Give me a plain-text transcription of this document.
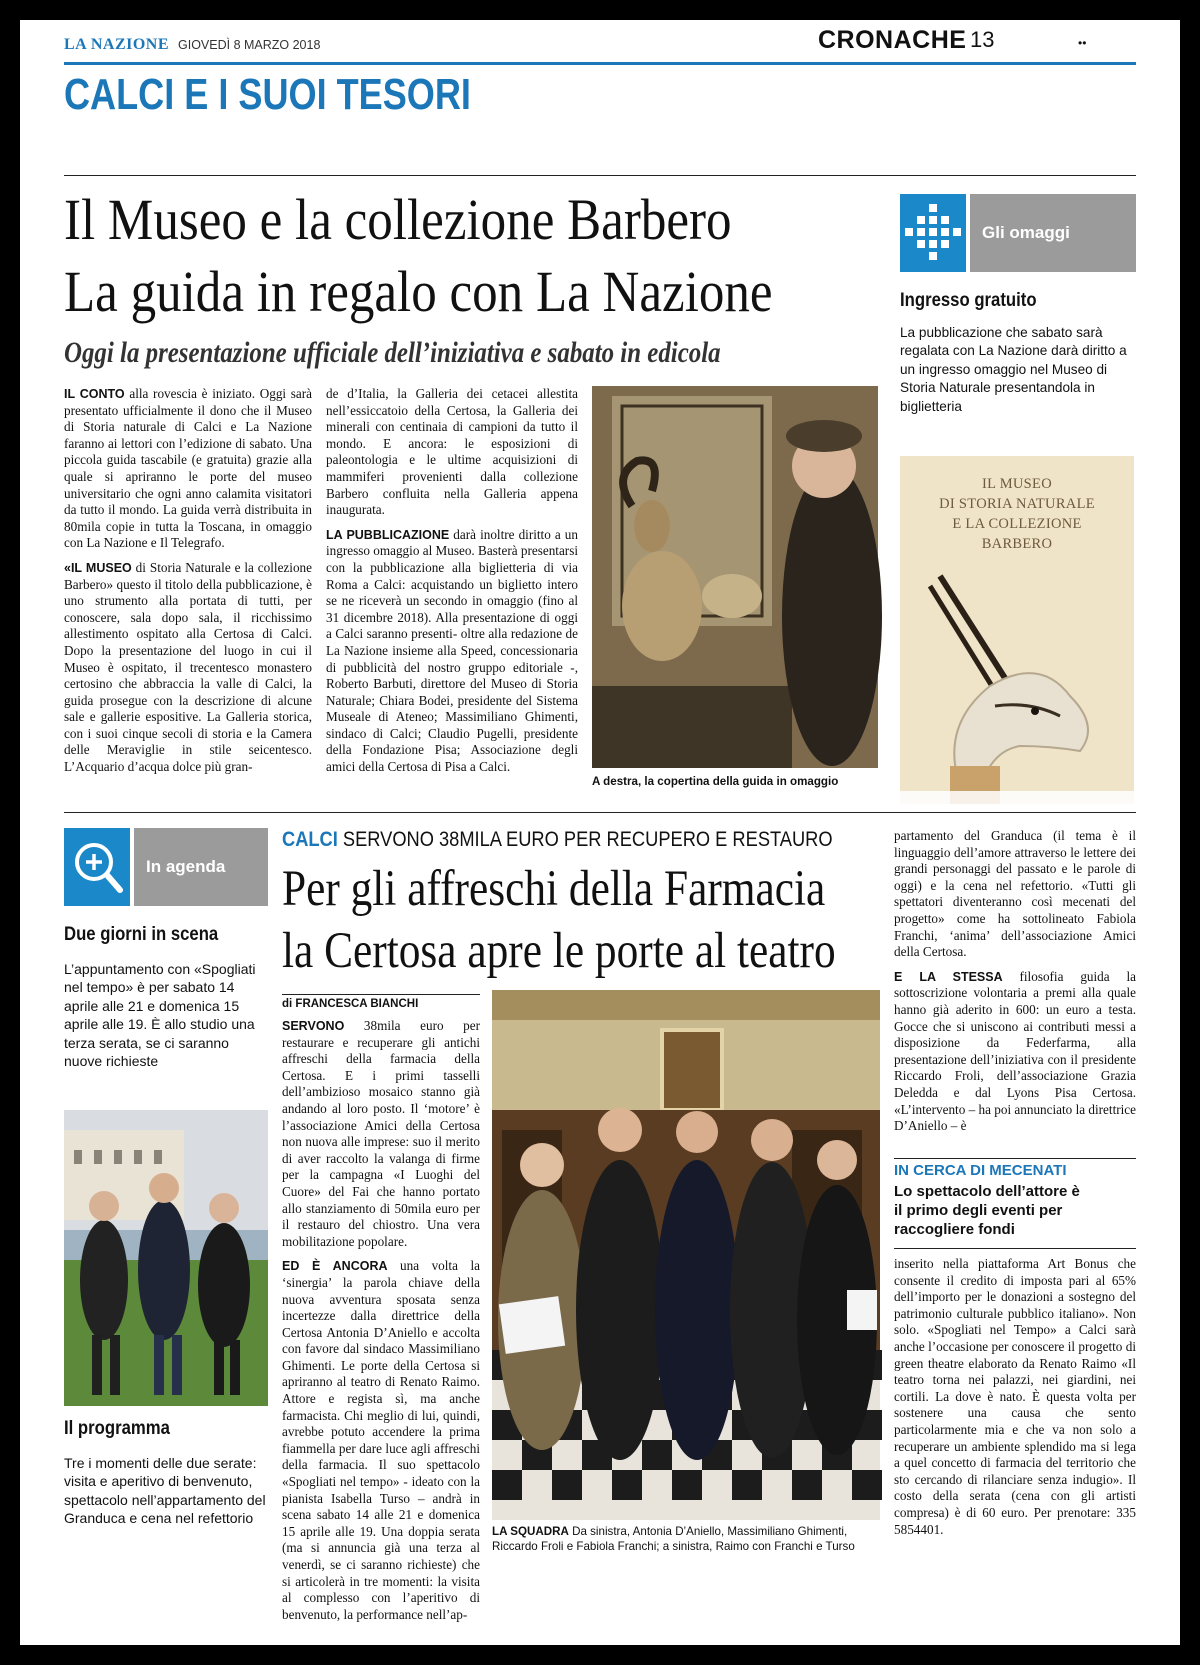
LA NAZIONE GIOVEDÌ 8 MARZO 2018	CRONACHE 13	••
CALCI E I SUOI TESORI
Il Museo e la collezione Barbero
La guida in regalo con La Nazione
Oggi la presentazione ufficiale dell’iniziativa e sabato in edicola

IL CONTO alla rovescia è iniziato. Oggi sarà presentato ufficialmente il dono che il Museo di Storia naturale di Calci e La Nazione faranno ai lettori con l’edizione di sabato. Una piccola guida tascabile (e gratuita) grazie alla quale si apriranno le porte del museo universitario che ogni anno calamita visitatori da tutto il mondo. La guida verrà distribuita in 80mila copie in tutta la Toscana, in omaggio con La Nazione e Il Telegrafo.

«IL MUSEO di Storia Naturale e la collezione Barbero» questo il titolo della pubblicazione, è uno strumento alla portata di tutti, per conoscere, sala dopo sala, il ricchissimo allestimento ospitato alla Certosa di Calci. Dopo la presentazione del luogo in cui il Museo è ospitato, il trecentesco monastero certosino che abbraccia la valle di Calci, la guida prosegue con la descrizione di alcune sale e gallerie espositive. La Galleria storica, con i suoi cinque secoli di storia e la Camera delle Meraviglie in stile seicentesco. L’Acquario d’acqua dolce più gran-

de d’Italia, la Galleria dei cetacei allestita nell’essiccatoio della Certosa, la Galleria dei minerali con centinaia di campioni da tutto il mondo. E ancora: le esposizioni di paleontologia e le ultime acquisizioni di mammiferi provenienti dalla collezione Barbero confluita nella Galleria appena inaugurata.

LA PUBBLICAZIONE darà inoltre diritto a un ingresso omaggio al Museo. Basterà presentarsi con la pubblicazione alla biglietteria di via Roma a Calci: acquistando un biglietto intero se ne riceverà un secondo in omaggio (fino al 31 dicembre 2018). Alla presentazione di oggi a Calci saranno presenti- oltre alla redazione de La Nazione insieme alla Speed, concessionaria di pubblicità del nostro gruppo editoriale -, Roberto Barbuti, direttore del Museo di Storia Naturale; Chiara Bodei, presidente del Sistema Museale di Ateneo; Massimiliano Ghimenti, sindaco di Calci; Claudio Pugelli, presidente della Fondazione Pisa; Associazione degli amici della Certosa di Pisa a Calci.

A destra, la copertina della guida in omaggio
Gli omaggi
Ingresso gratuito
La pubblicazione che sabato sarà regalata con La Nazione darà diritto a un ingresso omaggio nel Museo di Storia Naturale presentandola in biglietteria
IL MUSEO
DI STORIA NATURALE
E LA COLLEZIONE
BARBERO
In agenda
Due giorni in scena
L’appuntamento con «Spogliati nel tempo» è per sabato 14 aprile alle 21 e domenica 15 aprile alle 19. È allo studio una terza serata, se ci saranno nuove richieste
Il programma
Tre i momenti delle due serate: visita e aperitivo di benvenuto, spettacolo nell’appartamento del Granduca e cena nel refettorio
CALCI SERVONO 38MILA EURO PER RECUPERO E RESTAURO
Per gli affreschi della Farmacia
la Certosa apre le porte al teatro
di FRANCESCA BIANCHI

SERVONO 38mila euro per restaurare e recuperare gli antichi affreschi della farmacia della Certosa. E i primi tasselli dell’ambizioso mosaico stanno già andando al loro posto. Il ‘motore’ è l’associazione Amici della Certosa non nuova alle imprese: suo il merito di aver raccolto la valanga di firme per la campagna «I Luoghi del Cuore» del Fai che hanno portato allo stanziamento di 50mila euro per il restauro del chiostro. Una vera mobilitazione popolare.

ED È ANCORA una volta la ‘sinergia’ la parola chiave della nuova avventura sposata senza incertezze dalla direttrice della Certosa Antonia D’Aniello e accolta con favore dal sindaco Massimiliano Ghimenti. Le porte della Certosa si apriranno al teatro di Renato Raimo. Attore e regista sì, ma anche farmacista. Chi meglio di lui, quindi, avrebbe potuto accendere la prima fiammella per dare luce agli affreschi della farmacia. Il suo spettacolo «Spogliati nel tempo» - ideato con la pianista Isabella Turso – andrà in scena sabato 14 alle 21 e domenica 15 aprile alle 19. Una doppia serata (ma si annuncia già una terza al venerdì, se ci saranno richieste) che si articolerà in tre momenti: la visita al complesso con l’aperitivo di benvenuto, la performance nell’ap-

LA SQUADRA Da sinistra, Antonia D’Aniello, Massimiliano Ghimenti, Riccardo Froli e Fabiola Franchi; a sinistra, Raimo con Franchi e Turso

partamento del Granduca (il tema è il linguaggio dell’amore attraverso le lettere dei grandi personaggi del passato e le parole di oggi) e la cena nel refettorio. «Tutti gli spettatori diventeranno così mecenati del progetto» come ha sottolineato Fabiola Franchi, ‘anima’ dell’associazione Amici della Certosa.

E LA STESSA filosofia guida la sottoscrizione volontaria a premi alla quale hanno già aderito in 600: un euro a testa. Gocce che si uniscono ai contributi messi a disposizione da Federfarma, alla presentazione dell’iniziativa con il presidente Riccardo Froli, dell’associazione Grazia Deledda e dal Lyons Pisa Certosa. «L’intervento – ha poi annunciato la direttrice D’Aniello – è

IN CERCA DI MECENATI
Lo spettacolo dell’attore è il primo degli eventi per raccogliere fondi

inserito nella piattaforma Art Bonus che consente il credito di imposta pari al 65% dell’importo per le donazioni a sostegno del patrimonio culturale pubblico italiano». Non solo. «Spogliati nel Tempo» a Calci sarà anche l’occasione per conoscere il progetto di green theatre elaborato da Renato Raimo «Il teatro torna nei palazzi, nei giardini, nei cortili. La dove è nato. È questa volta per sostenere una causa che sento particolarmente mia e che va non solo a recuperare un ambiente splendido ma si lega a quel concetto di farmacia del territorio che sto cercando di rilanciare senza indugio». Il costo della serata (cena con gli artisti compresa) è di 60 euro. Per prenotare: 335 5854401.
